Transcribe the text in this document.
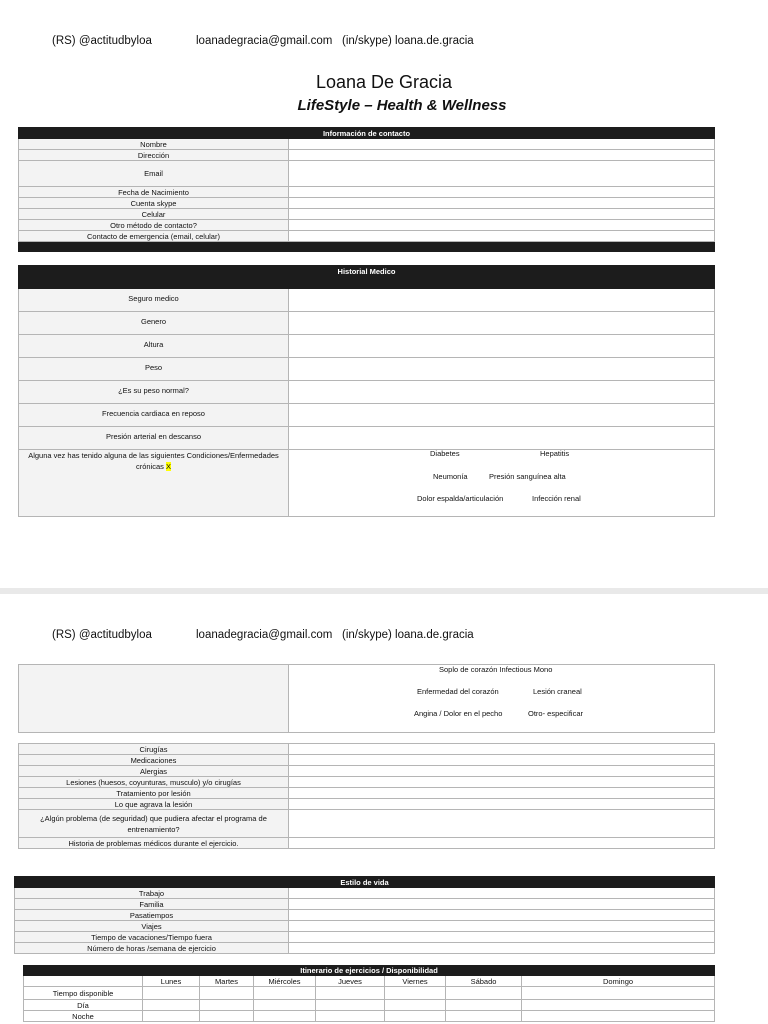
(RS) @actitudbyloa	loanadegracia@gmail.com (in/skype) loana.de.gracia
Loana De Gracia
LifeStyle – Health & Wellness
Información de contacto	
Nombre	
Dirección	
Email	
Fecha de Nacimiento	
Cuenta skype	
Celular	
Otro método de contacto?	
Contacto de emergencia (email, celular)	

Historial Medico	
Seguro medico	
Genero	
Altura	
Peso	
¿Es su peso normal?	
Frecuencia cardiaca en reposo	
Presión arterial en descanso	
Alguna vez has tenido alguna de las siguientes Condiciones/Enfermedades crónicas X	
Diabetes	Hepatitis
Neumonía	Presión sanguínea alta
Dolor espalda/articulación	Infección renal
(RS) @actitudbyloa	loanadegracia@gmail.com (in/skype) loana.de.gracia

Soplo de corazón Infectious Mono
Enfermedad del corazón	Lesión craneal
Angina / Dolor en el pecho	Otro- especificar
Cirugías	
Medicaciones	
Alergias	
Lesiones (huesos, coyunturas, musculo) y/o cirugías	
Tratamiento por lesión	
Lo que agrava la lesión	
¿Algún problema (de seguridad) que pudiera afectar el programa de entrenamiento?	
Historia de problemas médicos durante el ejercicio.	
Estilo de vida	
Trabajo	
Familia	
Pasatiempos	
Viajes	
Tiempo de vacaciones/Tiempo fuera	
Número de horas /semana de ejercicio	
Itinerario de ejercicios / Disponibilidad							
	Lunes	Martes	Miércoles	Jueves	Viernes	Sábado	Domingo
Tiempo disponible							
Día							
Noche							
